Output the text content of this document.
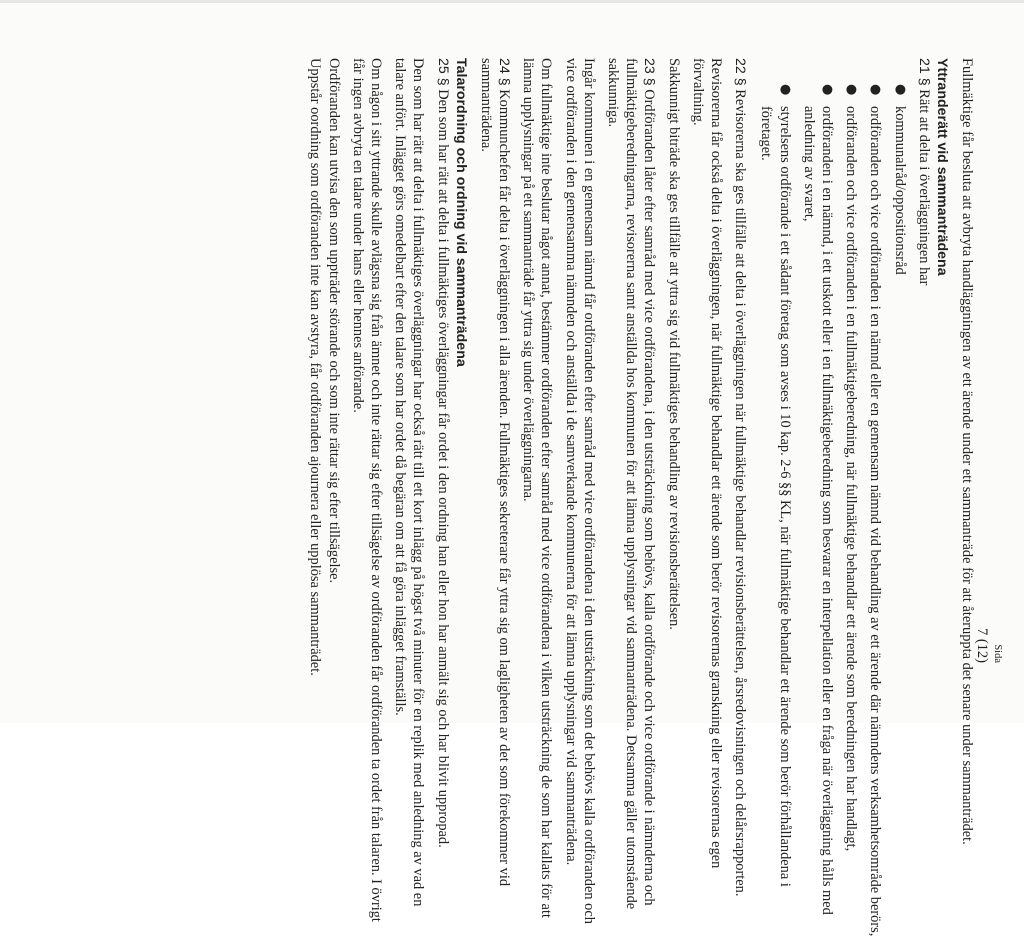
Sida
7 (12)

Fullmäktige får besluta att avbryta handläggningen av ett ärende under ett sammanträde för att återuppta det senare under sammanträdet.

Yttranderätt vid sammanträdena

21 § Rätt att delta i överläggningen har

●
kommunalråd/oppositionsråd
●
ordföranden och vice ordföranden i en nämnd eller en gemensam nämnd vid behandling av ett ärende där nämndens verksamhetsområde berörs,
●
ordföranden och vice ordföranden i en fullmäktigeberedning, när fullmäktige behandlar ett ärende som beredningen har handlagt,
●
ordföranden i en nämnd, i ett utskott eller i en fullmäktigeberedning som besvarar en interpellation eller en fråga när överläggning hålls med anledning av svaret,
●
styrelsens ordförande i ett sådant företag som avses i 10 kap. 2-6 §§ KL, när fullmäktige behandlar ett ärende som berör förhållandena i företaget.

22 § Revisorerna ska ges tillfälle att delta i överläggningen när fullmäktige behandlar revisionsberättelsen, årsredovisningen och delårsrapporten.

Revisorerna får också delta i överläggningen, när fullmäktige behandlar ett ärende som berör revisorernas granskning eller revisorernas egen förvaltning.

Sakkunnigt biträde ska ges tillfälle att yttra sig vid fullmäktiges behandling av revisionsberättelsen.

23 § Ordföranden låter efter samråd med vice ordförandena, i den utsträckning som behövs, kalla ordförande och vice ordförande i nämnderna och fullmäktigeberedningarna, revisorerna samt anställda hos kommunen för att lämna upplysningar vid sammanträdena. Detsamma gäller utomstående sakkunniga.

Ingår kommunen i en gemensam nämnd får ordföranden efter samråd med vice ordförandena i den utsträckning som det behövs kalla ordföranden och vice ordföranden i den gemensamma nämnden och anställda i de samverkande kommunerna för att lämna upplysningar vid sammanträdena.

Om fullmäktige inte beslutar något annat, bestämmer ordföranden efter samråd med vice ordförandena i vilken utsträckning de som har kallats för att lämna upplysningar på ett sammanträde får yttra sig under överläggningarna.

24 § Kommunchefen får delta i överläggningen i alla ärenden. Fullmäktiges sekreterare får yttra sig om lagligheten av det som förekommer vid sammanträdena.

Talarordning och ordning vid sammanträdena

25 § Den som har rätt att delta i fullmäktiges överläggningar får ordet i den ordning han eller hon har anmält sig och har blivit uppropad.

Den som har rätt att delta i fullmäktiges överläggningar har också rätt till ett kort inlägg på högst två minuter för en replik med anledning av vad en talare anfört. Inlägget görs omedelbart efter den talare som har ordet då begäran om att få göra inlägget framställs.

Om någon i sitt yttrande skulle avlägsna sig från ämnet och inte rättar sig efter tillsägelse av ordföranden får ordföranden ta ordet från talaren. I övrigt får ingen avbryta en talare under hans eller hennes anförande.

Ordföranden kan utvisa den som uppträder störande och som inte rättar sig efter tillsägelse.

Uppstår oordning som ordföranden inte kan avstyra, får ordföranden ajournera eller upplösa sammanträdet.
